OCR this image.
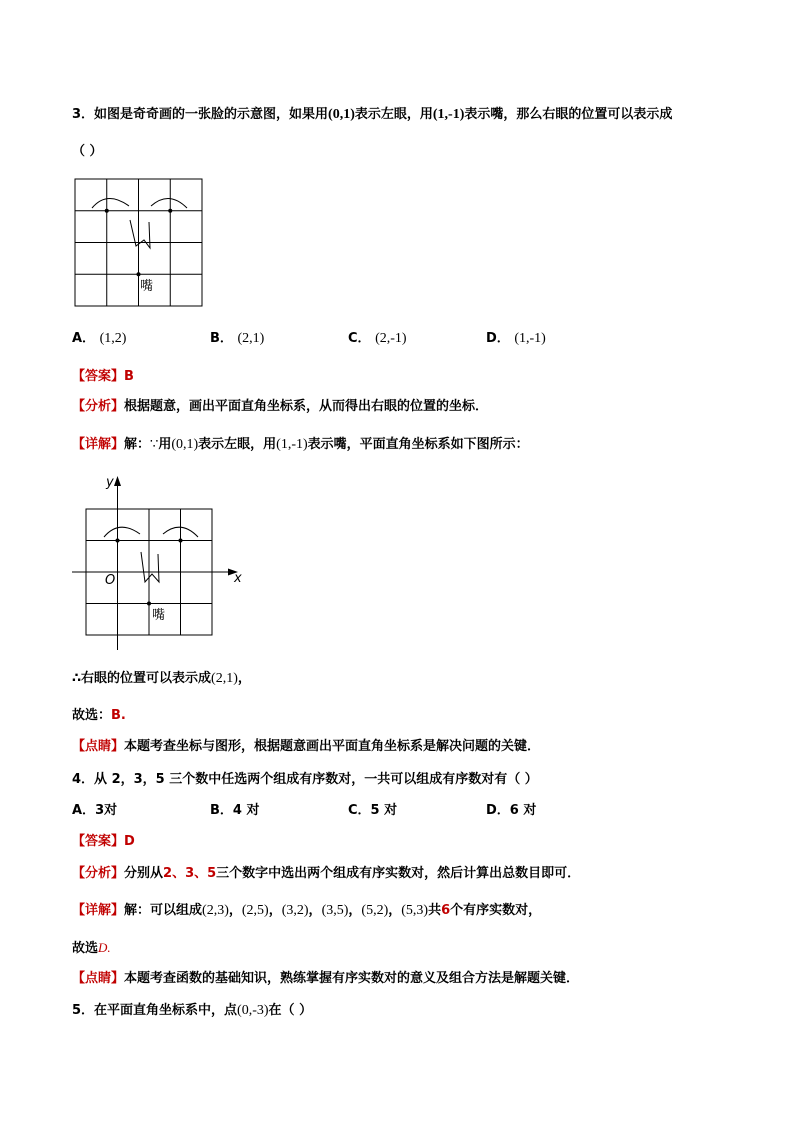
3．如图是奇奇画的一张脸的示意图，如果用(0,1)表示左眼，用(1,-1)表示嘴，那么右眼的位置可以表示成
（ ）
嘴
A． (1,2)	B． (2,1)	C． (2,-1)	D． (1,-1)
【答案】B
【分析】根据题意，画出平面直角坐标系，从而得出右眼的位置的坐标．
【详解】解：∵用(0,1)表示左眼，用(1,-1)表示嘴，平面直角坐标系如下图所示：
y
x
O
嘴
∴右眼的位置可以表示成(2,1)，
故选：B.
【点睛】本题考查坐标与图形，根据题意画出平面直角坐标系是解决问题的关键．
4．从 2，3，5 三个数中任选两个组成有序数对，一共可以组成有序数对有（ ）
A．3对	B．4 对	C．5 对	D．6 对
【答案】D
【分析】分别从2、3、5三个数字中选出两个组成有序实数对，然后计算出总数目即可．
【详解】解：可以组成(2,3)，(2,5)，(3,2)，(3,5)，(5,2)，(5,3)共6个有序实数对，
故选D.
【点睛】本题考查函数的基础知识，熟练掌握有序实数对的意义及组合方法是解题关键．
5．在平面直角坐标系中，点(0,-3)在（ ）
